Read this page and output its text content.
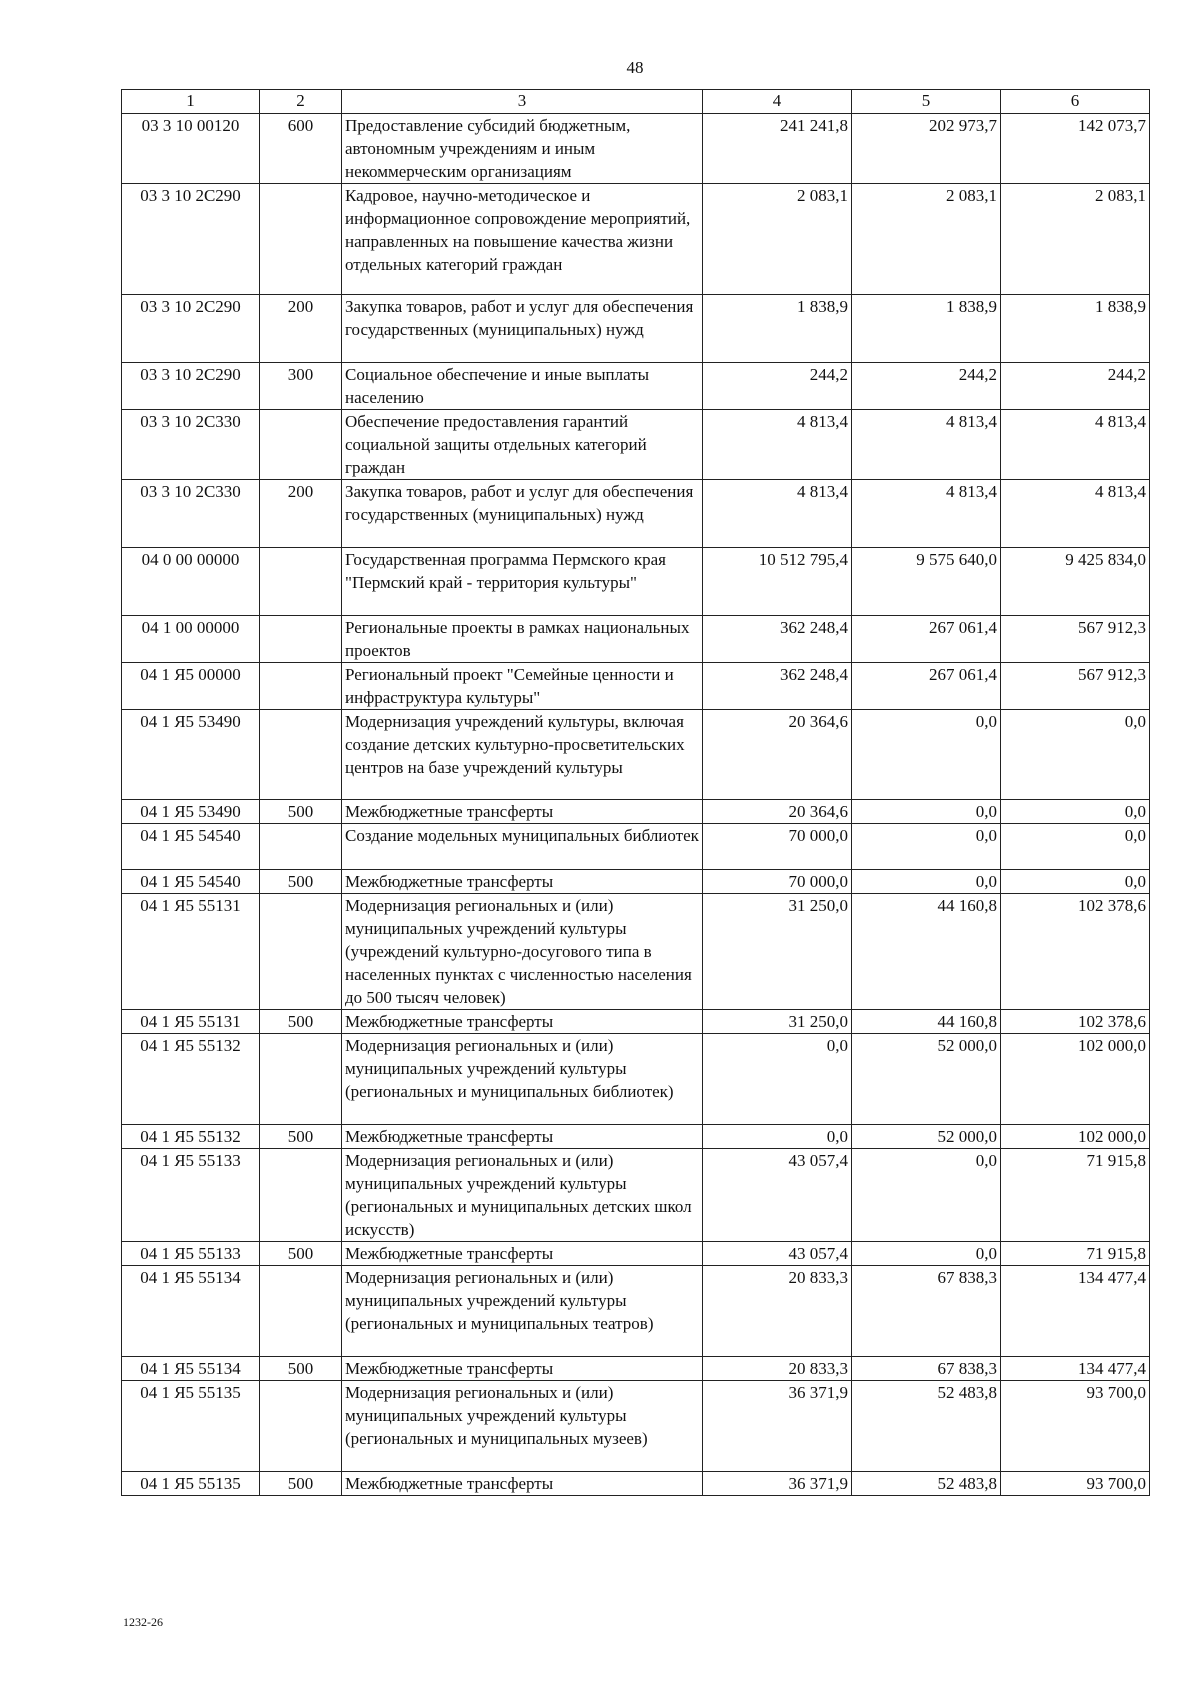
48
1	2	3	4	5	6
03 3 10 00120	600	Предоставление субсидий бюджетным, автономным учреждениям и иным некоммерческим организациям	241 241,8	202 973,7	142 073,7
03 3 10 2С290		Кадровое, научно-методическое и информационное сопровождение мероприятий, направленных на повышение качества жизни отдельных категорий граждан	2 083,1	2 083,1	2 083,1
03 3 10 2С290	200	Закупка товаров, работ и услуг для обеспечения государственных (муниципальных) нужд	1 838,9	1 838,9	1 838,9
03 3 10 2С290	300	Социальное обеспечение и иные выплаты населению	244,2	244,2	244,2
03 3 10 2С330		Обеспечение предоставления гарантий социальной защиты отдельных категорий граждан	4 813,4	4 813,4	4 813,4
03 3 10 2С330	200	Закупка товаров, работ и услуг для обеспечения государственных (муниципальных) нужд	4 813,4	4 813,4	4 813,4
04 0 00 00000		Государственная программа Пермского края "Пермский край - территория культуры"	10 512 795,4	9 575 640,0	9 425 834,0
04 1 00 00000		Региональные проекты в рамках национальных проектов	362 248,4	267 061,4	567 912,3
04 1 Я5 00000		Региональный проект "Семейные ценности и инфраструктура культуры"	362 248,4	267 061,4	567 912,3
04 1 Я5 53490		Модернизация учреждений культуры, включая создание детских культурно-просветительских центров на базе учреждений культуры	20 364,6	0,0	0,0
04 1 Я5 53490	500	Межбюджетные трансферты	20 364,6	0,0	0,0
04 1 Я5 54540		Создание модельных муниципальных библиотек	70 000,0	0,0	0,0
04 1 Я5 54540	500	Межбюджетные трансферты	70 000,0	0,0	0,0
04 1 Я5 55131		Модернизация региональных и (или) муниципальных учреждений культуры (учреждений культурно-досугового типа в населенных пунктах с численностью населения до 500 тысяч человек)	31 250,0	44 160,8	102 378,6
04 1 Я5 55131	500	Межбюджетные трансферты	31 250,0	44 160,8	102 378,6
04 1 Я5 55132		Модернизация региональных и (или) муниципальных учреждений культуры (региональных и муниципальных библиотек)	0,0	52 000,0	102 000,0
04 1 Я5 55132	500	Межбюджетные трансферты	0,0	52 000,0	102 000,0
04 1 Я5 55133		Модернизация региональных и (или) муниципальных учреждений культуры (региональных и муниципальных детских школ искусств)	43 057,4	0,0	71 915,8
04 1 Я5 55133	500	Межбюджетные трансферты	43 057,4	0,0	71 915,8
04 1 Я5 55134		Модернизация региональных и (или) муниципальных учреждений культуры (региональных и муниципальных театров)	20 833,3	67 838,3	134 477,4
04 1 Я5 55134	500	Межбюджетные трансферты	20 833,3	67 838,3	134 477,4
04 1 Я5 55135		Модернизация региональных и (или) муниципальных учреждений культуры (региональных и муниципальных музеев)	36 371,9	52 483,8	93 700,0
04 1 Я5 55135	500	Межбюджетные трансферты	36 371,9	52 483,8	93 700,0
1232-26
